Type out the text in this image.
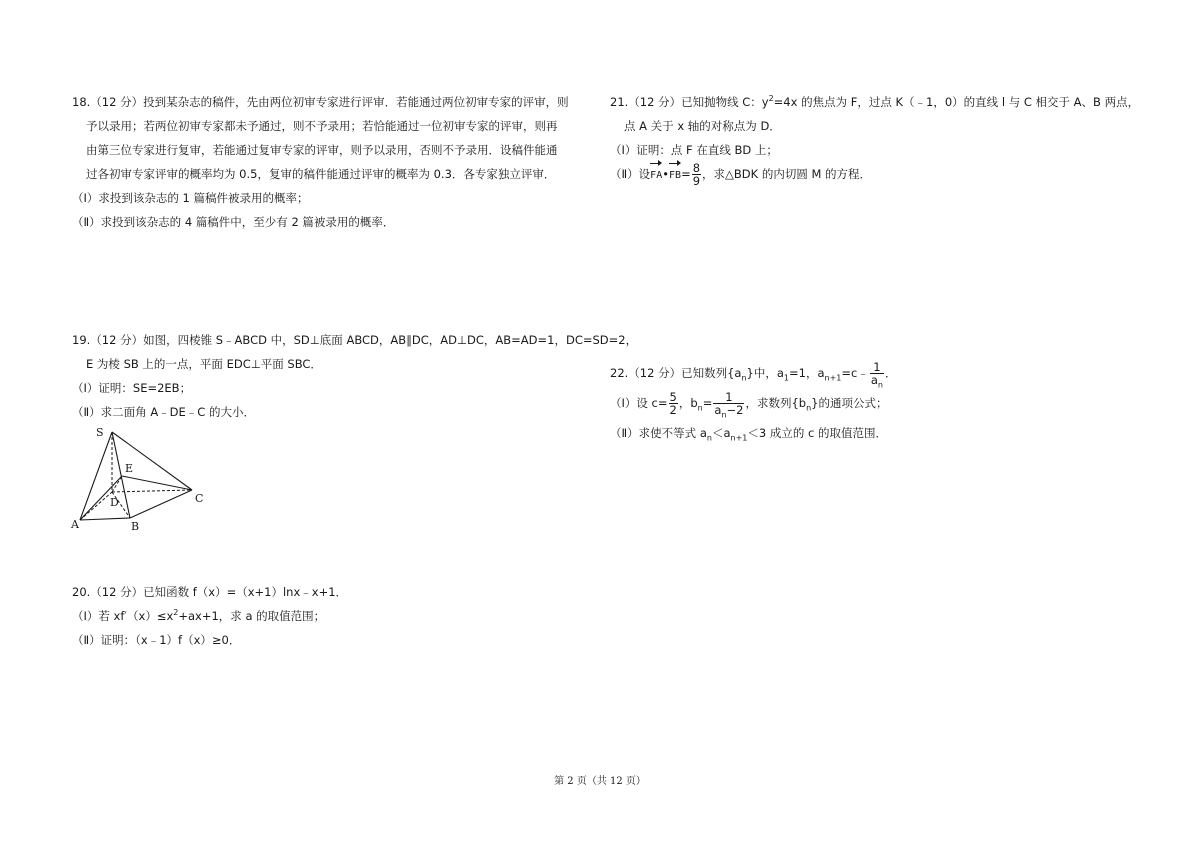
18.（12 分）投到某杂志的稿件，先由两位初审专家进行评审．若能通过两位初审专家的评审，则

予以录用；若两位初审专家都未予通过，则不予录用；若恰能通过一位初审专家的评审，则再

由第三位专家进行复审，若能通过复审专家的评审，则予以录用，否则不予录用．设稿件能通

过各初审专家评审的概率均为 0.5，复审的稿件能通过评审的概率为 0.3．各专家独立评审．

（Ⅰ）求投到该杂志的 1 篇稿件被录用的概率；

（Ⅱ）求投到该杂志的 4 篇稿件中，至少有 2 篇被录用的概率．

19.（12 分）如图，四棱锥 S﹣ABCD 中，SD⊥底面 ABCD，AB∥DC，AD⊥DC，AB=AD=1，DC=SD=2，

E 为棱 SB 上的一点，平面 EDC⊥平面 SBC．

（Ⅰ）证明：SE=2EB；

（Ⅱ）求二面角 A﹣DE﹣C 的大小．

S
E
D	C
A	B

20.（12 分）已知函数 f（x）=（x+1）lnx﹣x+1．

（Ⅰ）若 $xf'(x)\le x^2+ax+1$，求 a 的取值范围；

（Ⅱ）证明：（x﹣1）f（x）≥0．

21.（12 分）已知抛物线 C：$y^2=4x$ 的焦点为 F，过点 K（﹣1，0）的直线 l 与 C 相交于 A、B 两点，

点 A 关于 x 轴的对称点为 D．

（Ⅰ）证明：点 F 在直线 BD 上；

（Ⅱ）设FA•FB= $\frac{8}{9}$ ，求△BDK 的内切圆 M 的方程．

22.（12 分）已知数列$\{a_n\}$中，$a_1=1$，$a_{n+1}=c﹣ \frac{1}{a_n}$ ．

（Ⅰ）设 $c= \frac{5}{2}$ ，$b_n= \frac{1}{a_n-2}$ ，求数列$\{b_n\}$的通项公式；

（Ⅱ）求使不等式 $a_n<a_{n+1}<3$ 成立的 c 的取值范围．

第 2 页（共 12 页）
